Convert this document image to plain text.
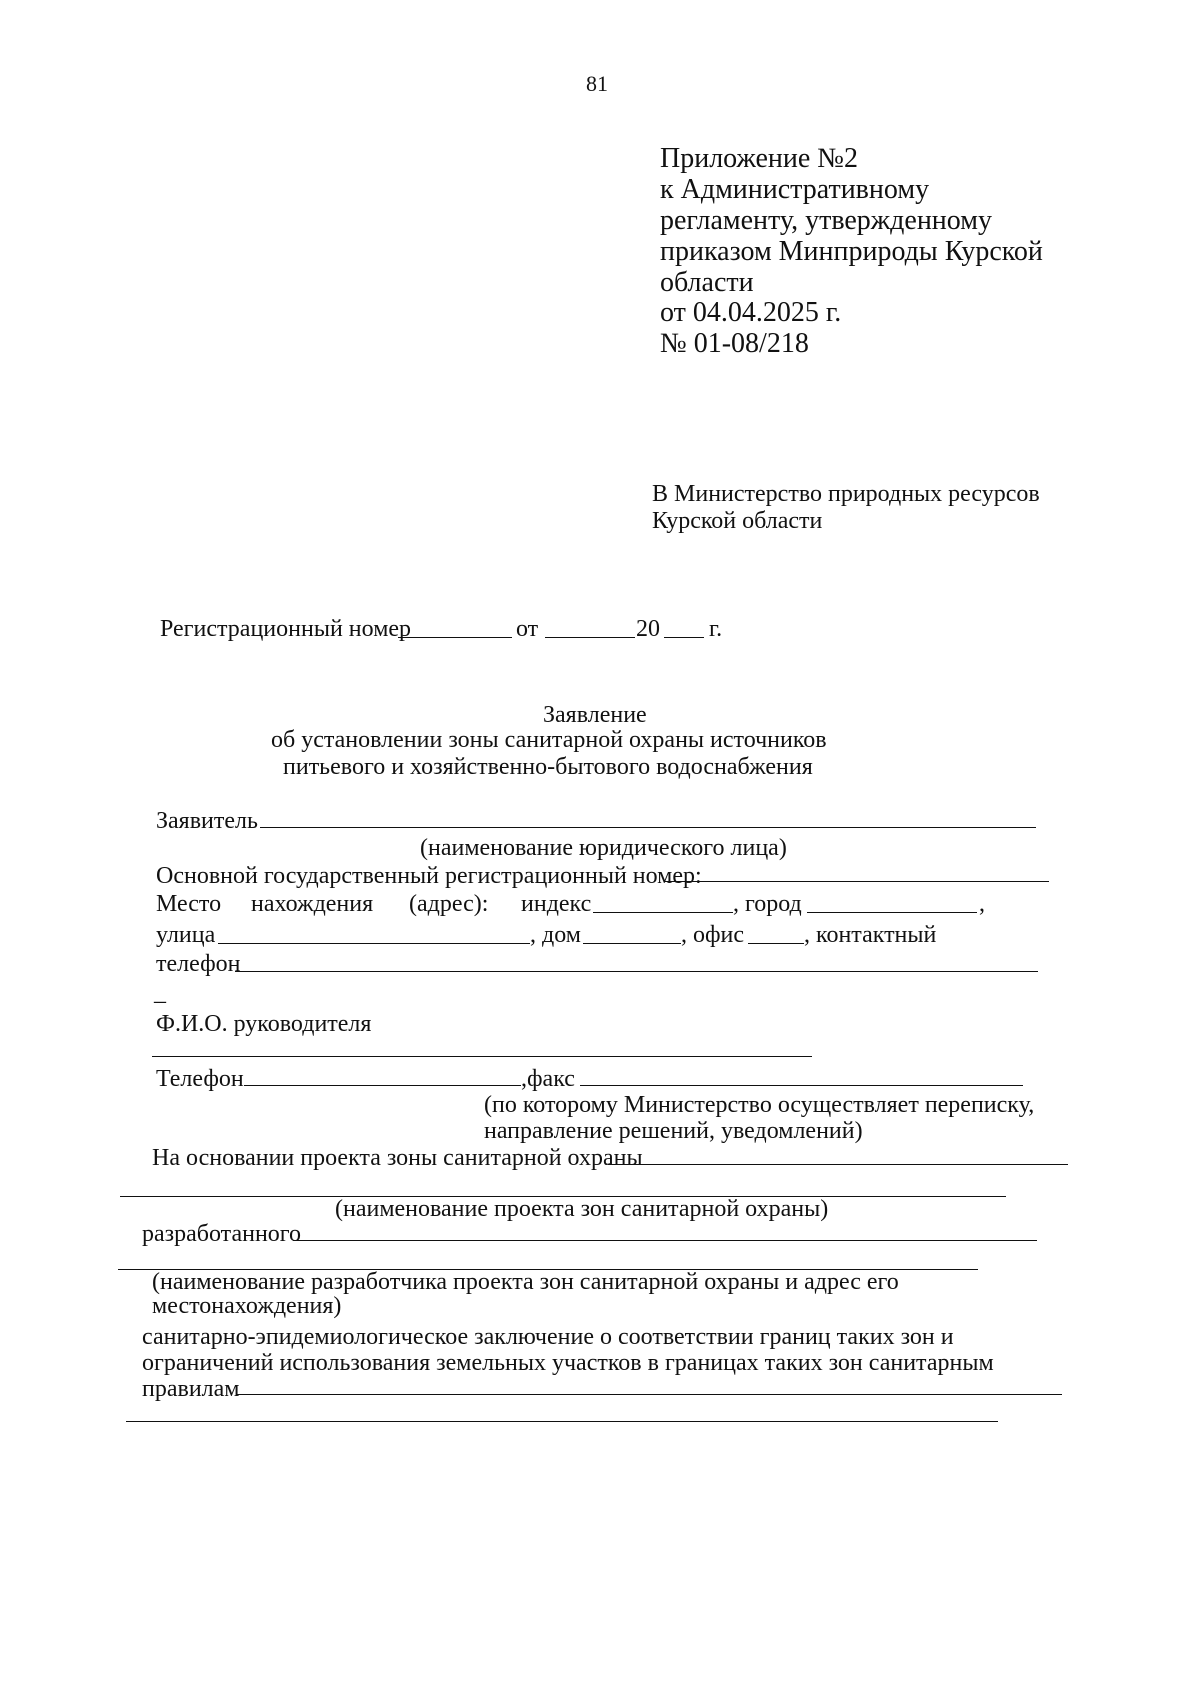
81
Приложение №2
к Административному
регламенту, утвержденному
приказом Минприроды Курской
области
от 04.04.2025 г.
№ 01-08/218
В Министерство природных ресурсов
Курской области
Регистрационный номер	от	20 г.
Заявление
об установлении зоны санитарной охраны источников
питьевого и хозяйственно-бытового водоснабжения
Заявитель
(наименование юридического лица)
Основной государственный регистрационный номер:
Место нахождения (адрес): индекс	, город	,
улица	, дом	, офис , контактный
телефон
_
Ф.И.О. руководителя
Телефон	,факс
(по которому Министерство осуществляет переписку,
направление решений, уведомлений)
На основании проекта зоны санитарной охраны
(наименование проекта зон санитарной охраны)
разработанного
(наименование разработчика проекта зон санитарной охраны и адрес его
местонахождения)
санитарно-эпидемиологическое заключение о соответствии границ таких зон и
ограничений использования земельных участков в границах таких зон санитарным
правилам
